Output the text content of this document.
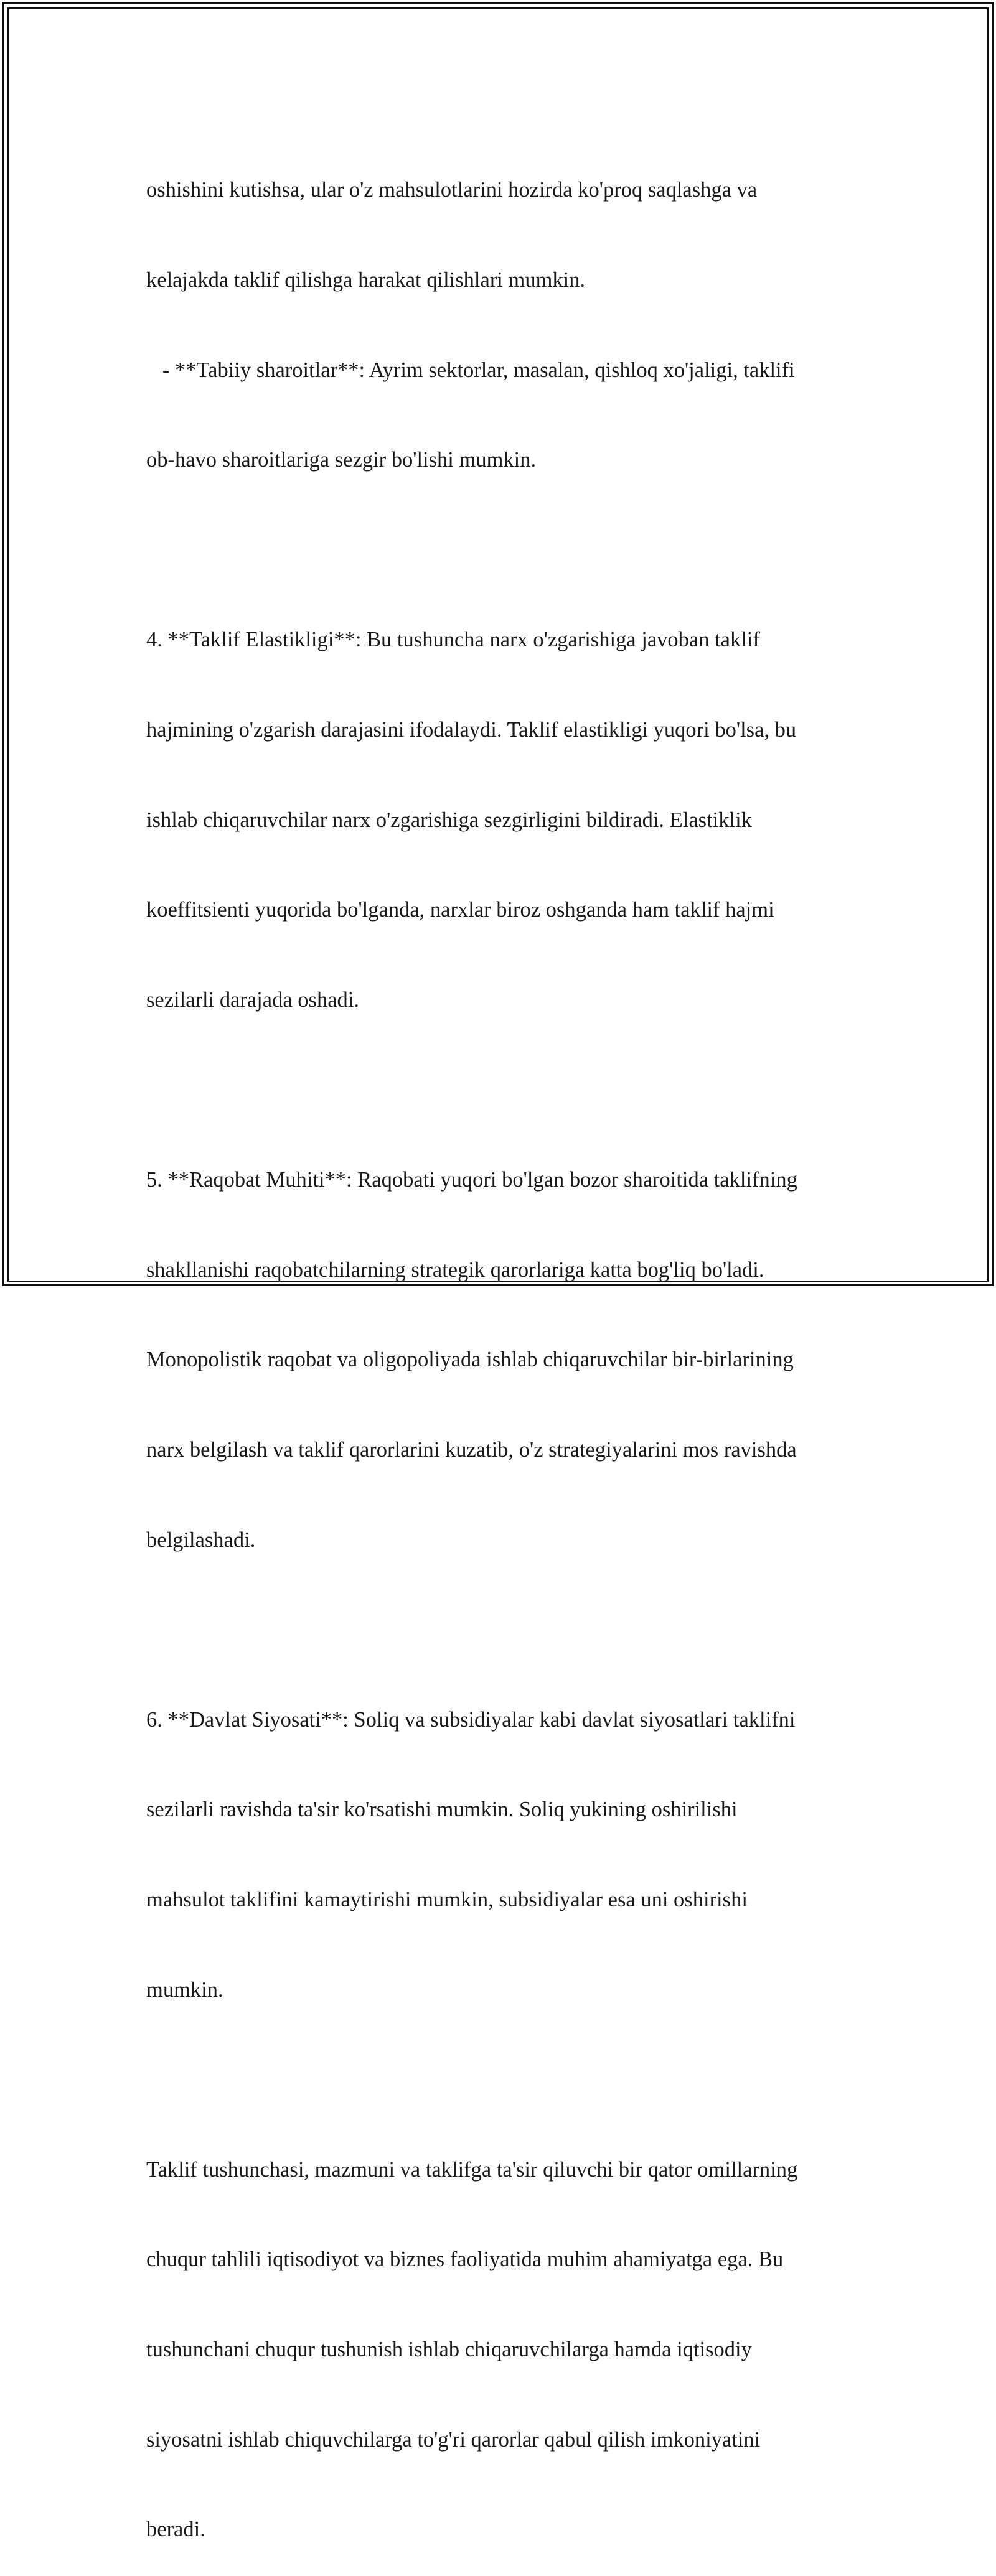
oshishini kutishsa, ular o'z mahsulotlarini hozirda ko'proq saqlashga va

kelajakda taklif qilishga harakat qilishlari mumkin.

- **Tabiiy sharoitlar**: Ayrim sektorlar, masalan, qishloq xo'jaligi, taklifi

ob-havo sharoitlariga sezgir bo'lishi mumkin.

4. **Taklif Elastikligi**: Bu tushuncha narx o'zgarishiga javoban taklif

hajmining o'zgarish darajasini ifodalaydi. Taklif elastikligi yuqori bo'lsa, bu

ishlab chiqaruvchilar narx o'zgarishiga sezgirligini bildiradi. Elastiklik

koeffitsienti yuqorida bo'lganda, narxlar biroz oshganda ham taklif hajmi

sezilarli darajada oshadi.

5. **Raqobat Muhiti**: Raqobati yuqori bo'lgan bozor sharoitida taklifning

shakllanishi raqobatchilarning strategik qarorlariga katta bog'liq bo'ladi.

Monopolistik raqobat va oligopoliyada ishlab chiqaruvchilar bir-birlarining

narx belgilash va taklif qarorlarini kuzatib, o'z strategiyalarini mos ravishda

belgilashadi.

6. **Davlat Siyosati**: Soliq va subsidiyalar kabi davlat siyosatlari taklifni

sezilarli ravishda ta'sir ko'rsatishi mumkin. Soliq yukining oshirilishi

mahsulot taklifini kamaytirishi mumkin, subsidiyalar esa uni oshirishi

mumkin.

Taklif tushunchasi, mazmuni va taklifga ta'sir qiluvchi bir qator omillarning

chuqur tahlili iqtisodiyot va biznes faoliyatida muhim ahamiyatga ega. Bu

tushunchani chuqur tushunish ishlab chiqaruvchilarga hamda iqtisodiy

siyosatni ishlab chiquvchilarga to'g'ri qarorlar qabul qilish imkoniyatini

beradi.
